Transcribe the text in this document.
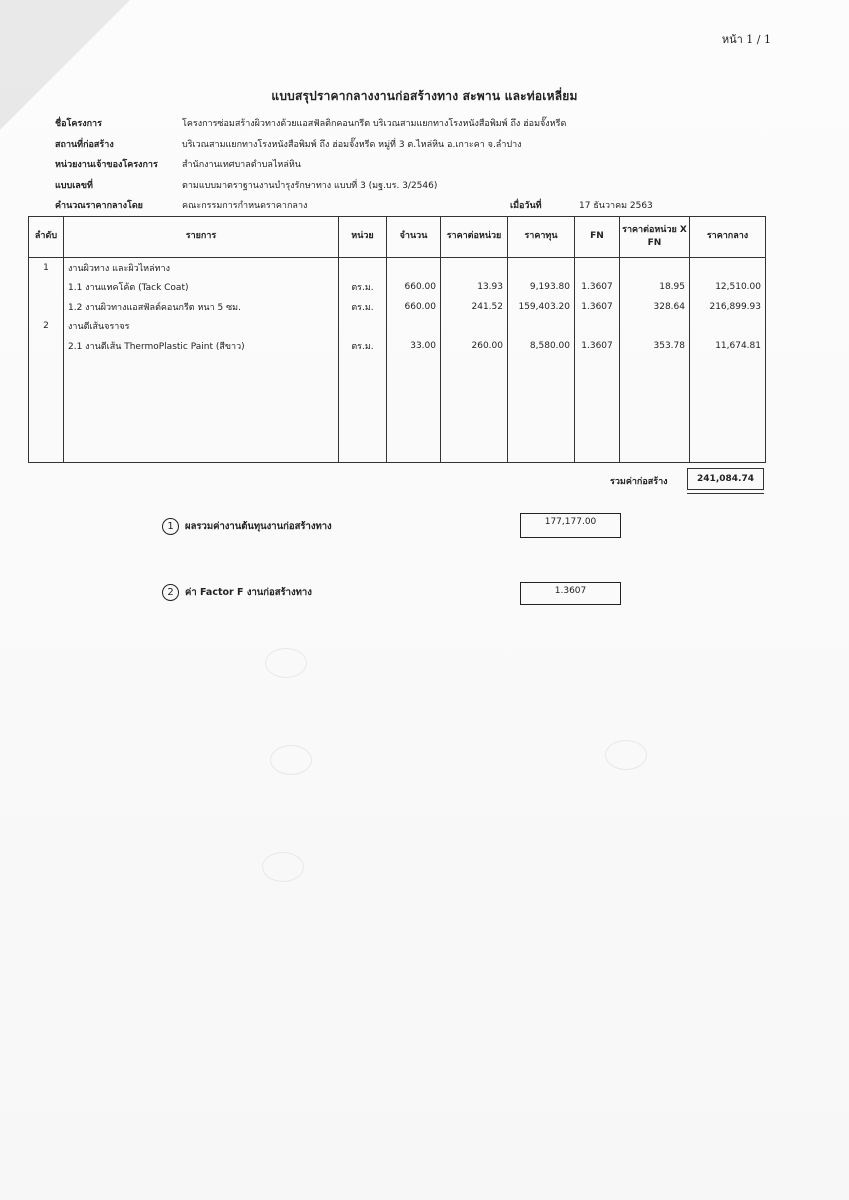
หน้า 1 / 1
แบบสรุปราคากลางงานก่อสร้างทาง สะพาน และท่อเหลี่ยม
ชื่อโครงการ	โครงการซ่อมสร้างผิวทางด้วยแอสฟัลติกคอนกรีต บริเวณสามแยกทางโรงหนังสือพิมพ์ ถึง ฮ่อมจั๊งหรีด
สถานที่ก่อสร้าง	บริเวณสามแยกทางโรงหนังสือพิมพ์ ถึง ฮ่อมจั๊งหรีด หมู่ที่ 3 ต.ไหล่หิน อ.เกาะคา จ.ลำปาง
หน่วยงานเจ้าของโครงการ	สำนักงานเทศบาลตำบลไหล่หิน
แบบเลขที่	ตามแบบมาตราฐานงานบำรุงรักษาทาง แบบที่ 3 (มฐ.บร. 3/2546)
คำนวณราคากลางโดย	คณะกรรมการกำหนดราคากลาง	เมื่อวันที่	17 ธันวาคม 2563
ลำดับ	รายการ	หน่วย	จำนวน	ราคาต่อหน่วย	ราคาทุน	FN	ราคาต่อหน่วย X FN	ราคากลาง
1	งานผิวทาง และผิวไหล่ทาง							
	1.1 งานแทคโค้ต (Tack Coat)	ตร.ม.	660.00	13.93	9,193.80	1.3607	18.95	12,510.00
	1.2 งานผิวทางแอสฟัลต์คอนกรีต หนา 5 ซม.	ตร.ม.	660.00	241.52	159,403.20	1.3607	328.64	216,899.93
2	งานตีเส้นจราจร							
	2.1 งานตีเส้น ThermoPlastic Paint (สีขาว)	ตร.ม.	33.00	260.00	8,580.00	1.3607	353.78	11,674.81

รวมค่าก่อสร้าง	241,084.74
1	ผลรวมค่างานต้นทุนงานก่อสร้างทาง	177,177.00
2	ค่า Factor F งานก่อสร้างทาง	1.3607
